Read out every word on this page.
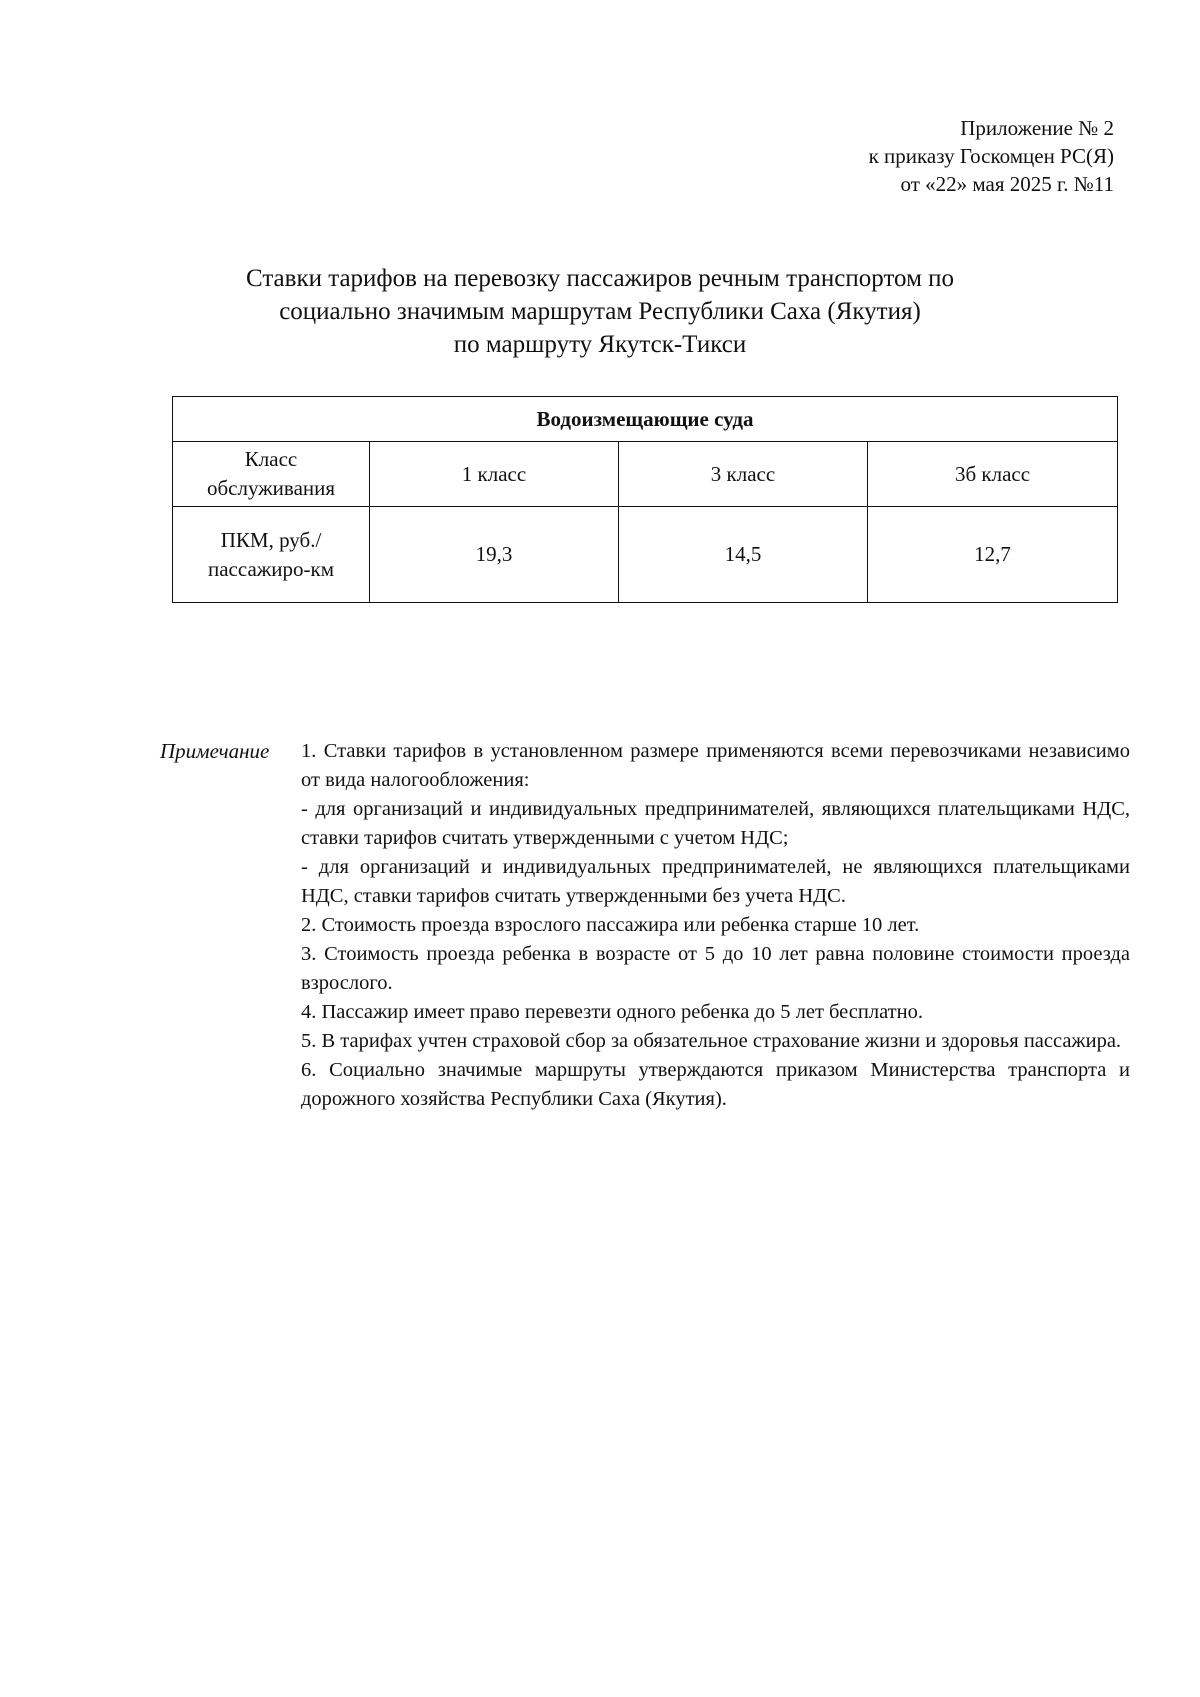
Приложение № 2
к приказу Госкомцен РС(Я)
от «22» мая 2025 г. №11
Ставки тарифов на перевозку пассажиров речным транспортом по
социально значимым маршрутам Республики Саха (Якутия)
по маршруту Якутск-Тикси
Водоизмещающие суда			
Класс обслуживания	1 класс	3 класс	3б класс
ПКМ, руб./пассажиро-км	19,3	14,5	12,7
Примечание 1. Ставки тарифов в установленном размере применяются всеми перевозчиками независимо от вида налогообложения:

- для организаций и индивидуальных предпринимателей, являющихся плательщиками НДС, ставки тарифов считать утвержденными с учетом НДС;

- для организаций и индивидуальных предпринимателей, не являющихся плательщиками НДС, ставки тарифов считать утвержденными без учета НДС.

2. Стоимость проезда взрослого пассажира или ребенка старше 10 лет.

3. Стоимость проезда ребенка в возрасте от 5 до 10 лет равна половине стоимости проезда взрослого.

4. Пассажир имеет право перевезти одного ребенка до 5 лет бесплатно.

5. В тарифах учтен страховой сбор за обязательное страхование жизни и здоровья пассажира.

6. Социально значимые маршруты утверждаются приказом Министерства транспорта и дорожного хозяйства Республики Саха (Якутия).
